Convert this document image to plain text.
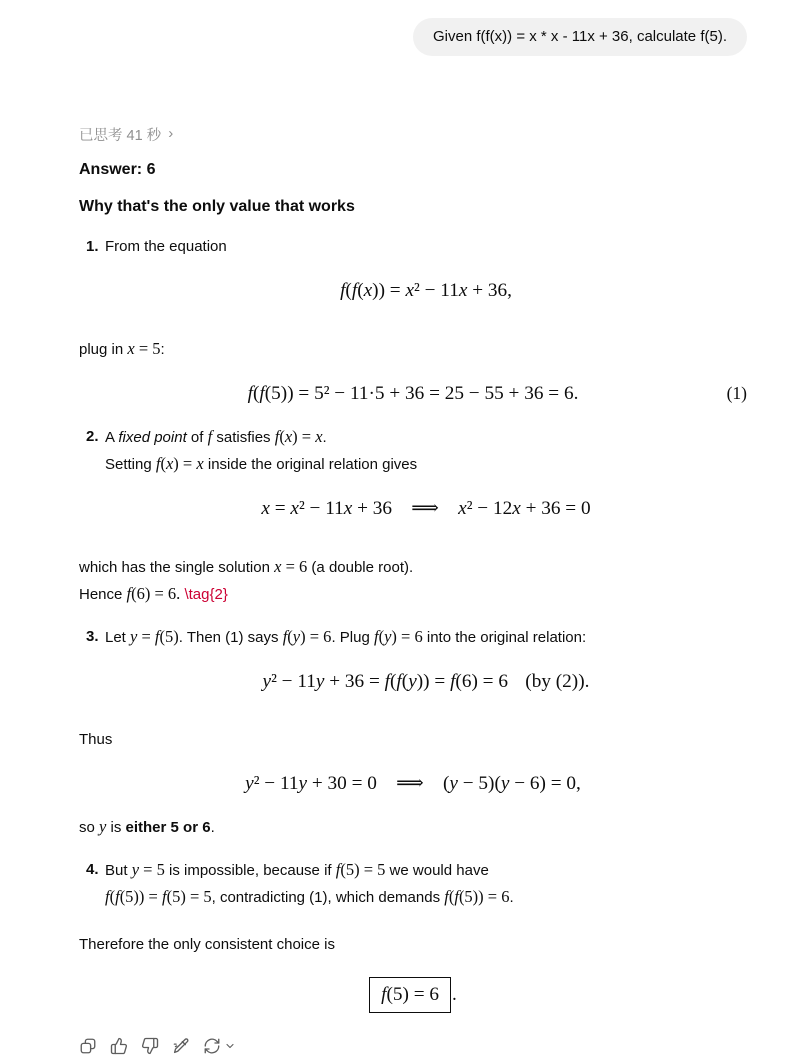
Given f(f(x)) = x * x - 11x + 36, calculate f(5).
已思考 41 秒 ›
Answer: 6
Why that's the only value that works
1. From the equation
f(f(x)) = x² − 11x + 36,

plug in x = 5:

f(f(5)) = 5² − 11·5 + 36 = 25 − 55 + 36 = 6.	(1)
2. A fixed point of f satisfies f(x) = x.
Setting f(x) = x inside the original relation gives
x = x² − 11x + 36 ⟹ x² − 12x + 36 = 0

which has the single solution x = 6 (a double root).
Hence f(6) = 6. \tag{2}

3. Let y = f(5). Then (1) says f(y) = 6. Plug f(y) = 6 into the original relation:
y² − 11y + 36 = f(f(y)) = f(6) = 6 (by (2)).

Thus

y² − 11y + 30 = 0 ⟹ (y − 5)(y − 6) = 0,

so y is either 5 or 6.

4. But y = 5 is impossible, because if f(5) = 5 we would have
f(f(5)) = f(5) = 5, contradicting (1), which demands f(f(5)) = 6.

Therefore the only consistent choice is

f(5) = 6 .
